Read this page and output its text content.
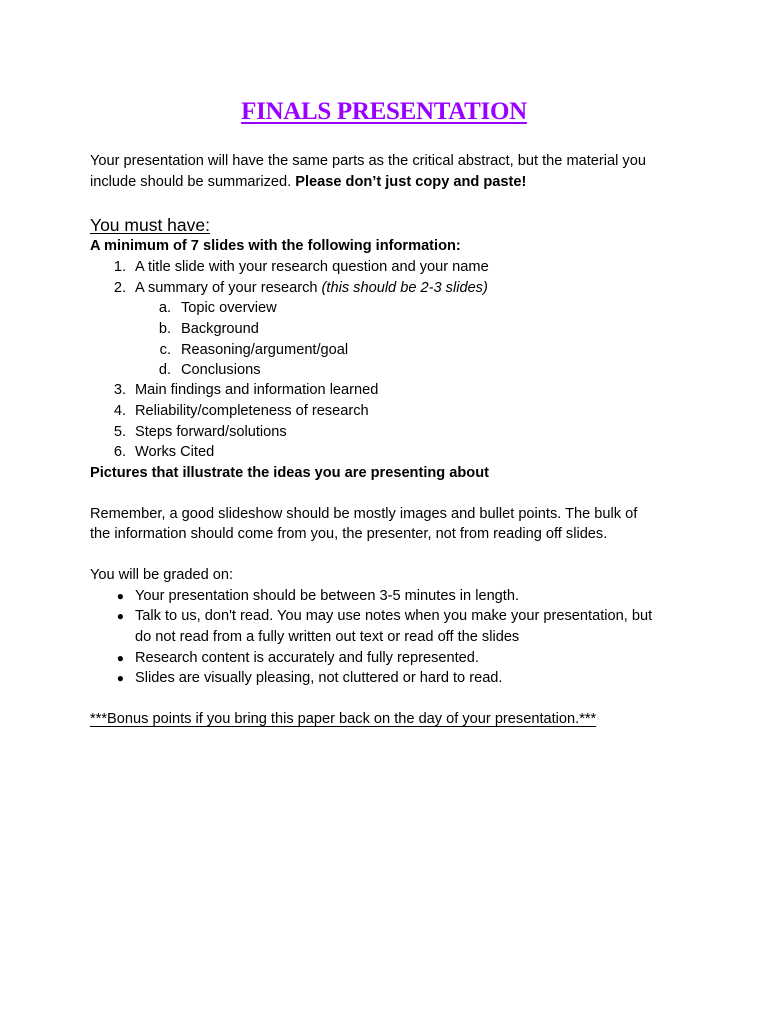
FINALS PRESENTATION
Your presentation will have the same parts as the critical abstract, but the material you
include should be summarized. Please don’t just copy and paste!
You must have:
A minimum of 7 slides with the following information:
1. A title slide with your research question and your name
2. A summary of your research (this should be 2-3 slides)
a. Topic overview
b. Background
c. Reasoning/argument/goal
d. Conclusions
3. Main findings and information learned
4. Reliability/completeness of research
5. Steps forward/solutions
6. Works Cited
Pictures that illustrate the ideas you are presenting about
Remember, a good slideshow should be mostly images and bullet points. The bulk of
the information should come from you, the presenter, not from reading off slides.
You will be graded on:
● Your presentation should be between 3-5 minutes in length.
● Talk to us, don't read. You may use notes when you make your presentation, but
do not read from a fully written out text or read off the slides
● Research content is accurately and fully represented.
● Slides are visually pleasing, not cluttered or hard to read.
***Bonus points if you bring this paper back on the day of your presentation.***
